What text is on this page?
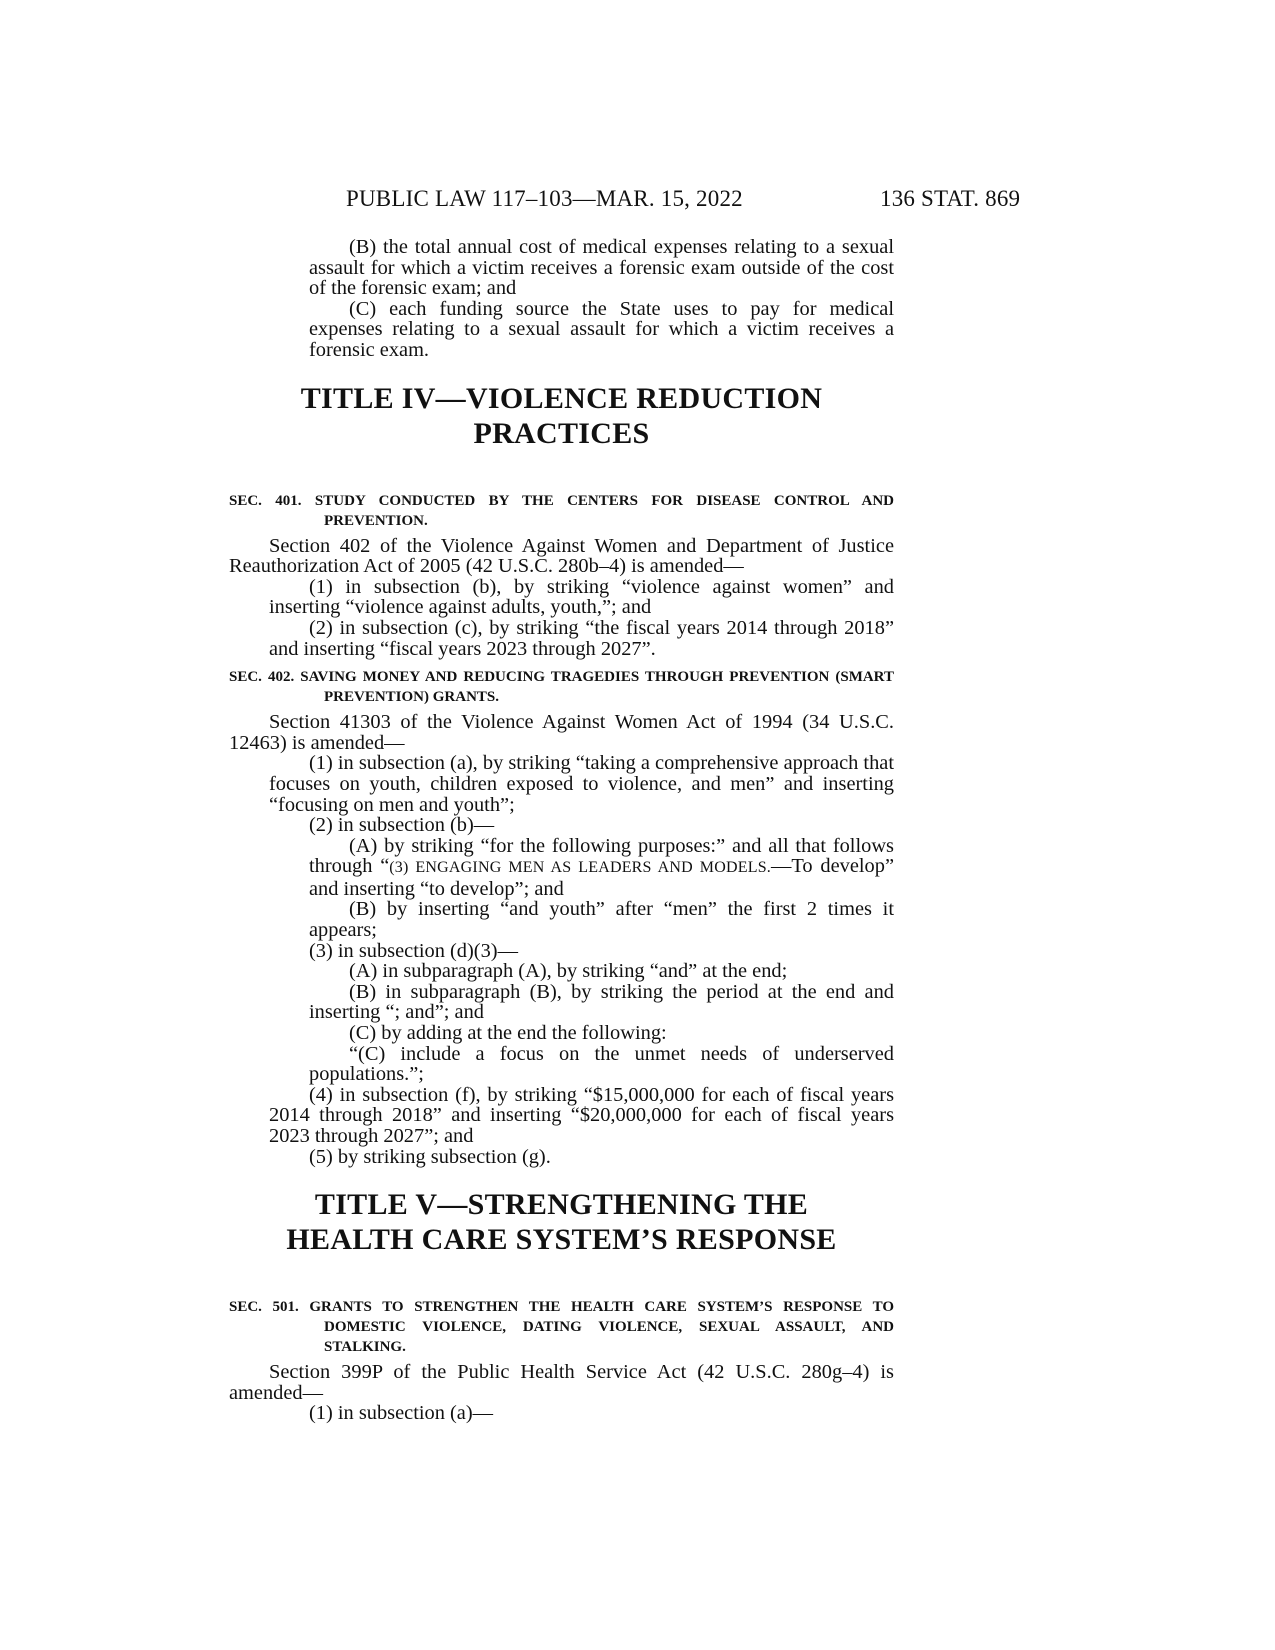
PUBLIC LAW 117–103—MAR. 15, 2022	136 STAT. 869

(B) the total annual cost of medical expenses relating to a sexual assault for which a victim receives a forensic exam outside of the cost of the forensic exam; and

(C) each funding source the State uses to pay for medical expenses relating to a sexual assault for which a victim receives a forensic exam.

TITLE IV—VIOLENCE REDUCTION
PRACTICES
SEC. 401. STUDY CONDUCTED BY THE CENTERS FOR DISEASE CONTROL AND PREVENTION.

Section 402 of the Violence Against Women and Department of Justice Reauthorization Act of 2005 (42 U.S.C. 280b–4) is amended—

(1) in subsection (b), by striking “violence against women” and inserting “violence against adults, youth,”; and

(2) in subsection (c), by striking “the fiscal years 2014 through 2018” and inserting “fiscal years 2023 through 2027”.

SEC. 402. SAVING MONEY AND REDUCING TRAGEDIES THROUGH PREVENTION (SMART PREVENTION) GRANTS.

Section 41303 of the Violence Against Women Act of 1994 (34 U.S.C. 12463) is amended—

(1) in subsection (a), by striking “taking a comprehensive approach that focuses on youth, children exposed to violence, and men” and inserting “focusing on men and youth”;

(2) in subsection (b)—

(A) by striking “for the following purposes:” and all that follows through “(3) ENGAGING MEN AS LEADERS AND MODELS.—To develop” and inserting “to develop”; and

(B) by inserting “and youth” after “men” the first 2 times it appears;

(3) in subsection (d)(3)—

(A) in subparagraph (A), by striking “and” at the end;

(B) in subparagraph (B), by striking the period at the end and inserting “; and”; and

(C) by adding at the end the following:

“(C) include a focus on the unmet needs of underserved populations.”;

(4) in subsection (f), by striking “$15,000,000 for each of fiscal years 2014 through 2018” and inserting “$20,000,000 for each of fiscal years 2023 through 2027”; and

(5) by striking subsection (g).

TITLE V—STRENGTHENING THE
HEALTH CARE SYSTEM’S RESPONSE
SEC. 501. GRANTS TO STRENGTHEN THE HEALTH CARE SYSTEM’S RESPONSE TO DOMESTIC VIOLENCE, DATING VIOLENCE, SEXUAL ASSAULT, AND STALKING.

Section 399P of the Public Health Service Act (42 U.S.C. 280g–4) is amended—

(1) in subsection (a)—
